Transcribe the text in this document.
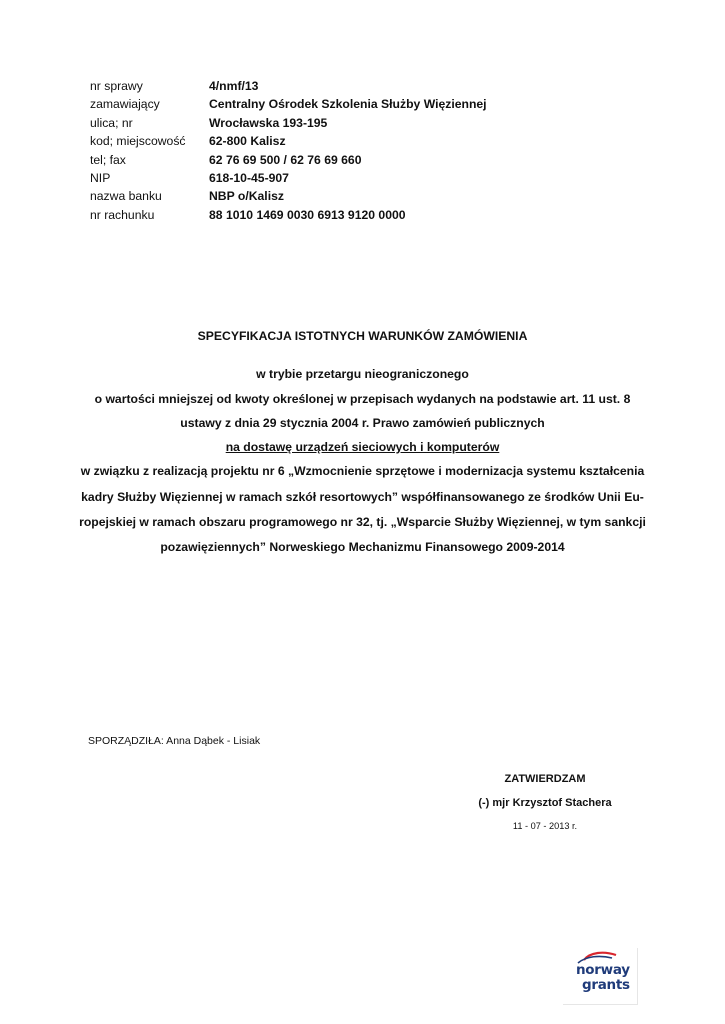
nr sprawy	4/nmf/13
zamawiający	Centralny Ośrodek Szkolenia Służby Więziennej
ulica; nr	Wrocławska 193-195
kod; miejscowość	62-800 Kalisz
tel; fax	62 76 69 500 / 62 76 69 660
NIP	618-10-45-907
nazwa banku	NBP o/Kalisz
nr rachunku	88 1010 1469 0030 6913 9120 0000
SPECYFIKACJA ISTOTNYCH WARUNKÓW ZAMÓWIENIA
w trybie przetargu nieograniczonego
o wartości mniejszej od kwoty określonej w przepisach wydanych na podstawie art. 11 ust. 8
ustawy z dnia 29 stycznia 2004 r. Prawo zamówień publicznych
na dostawę urządzeń sieciowych i komputerów
w związku z realizacją projektu nr 6 „Wzmocnienie sprzętowe i modernizacja systemu kształcenia
kadry Służby Więziennej w ramach szkół resortowych” współfinansowanego ze środków Unii Eu-
ropejskiej w ramach obszaru programowego nr 32, tj. „Wsparcie Służby Więziennej, w tym sankcji
pozawięziennych” Norweskiego Mechanizmu Finansowego 2009-2014
SPORZĄDZIŁA: Anna Dąbek - Lisiak
ZATWIERDZAM
(-) mjr Krzysztof Stachera
11 - 07 - 2013 r.
norway
grants
